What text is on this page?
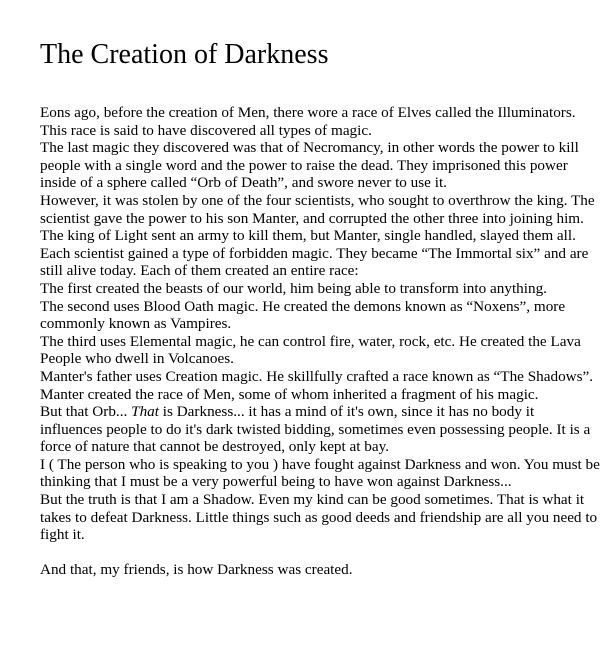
The Creation of Darkness

Eons ago, before the creation of Men, there wore a race of Elves called the Illuminators. This race is said to have discovered all types of magic.

The last magic they discovered was that of Necromancy, in other words the power to kill people with a single word and the power to raise the dead. They imprisoned this power inside of a sphere called “Orb of Death”, and swore never to use it.

However, it was stolen by one of the four scientists, who sought to overthrow the king. The scientist gave the power to his son Manter, and corrupted the other three into joining him. The king of Light sent an army to kill them, but Manter, single handled, slayed them all. Each scientist gained a type of forbidden magic. They became “The Immortal six” and are still alive today. Each of them created an entire race:

The first created the beasts of our world, him being able to transform into anything.

The second uses Blood Oath magic. He created the demons known as “Noxens”, more commonly known as Vampires.

The third uses Elemental magic, he can control fire, water, rock, etc. He created the Lava People who dwell in Volcanoes.

Manter's father uses Creation magic. He skillfully crafted a race known as “The Shadows”.

Manter created the race of Men, some of whom inherited a fragment of his magic.

But that Orb... That is Darkness... it has a mind of it's own, since it has no body it influences people to do it's dark twisted bidding, sometimes even possessing people. It is a force of nature that cannot be destroyed, only kept at bay.

I ( The person who is speaking to you ) have fought against Darkness and won. You must be thinking that I must be a very powerful being to have won against Darkness...

But the truth is that I am a Shadow. Even my kind can be good sometimes. That is what it takes to defeat Darkness. Little things such as good deeds and friendship are all you need to fight it.

And that, my friends, is how Darkness was created.
